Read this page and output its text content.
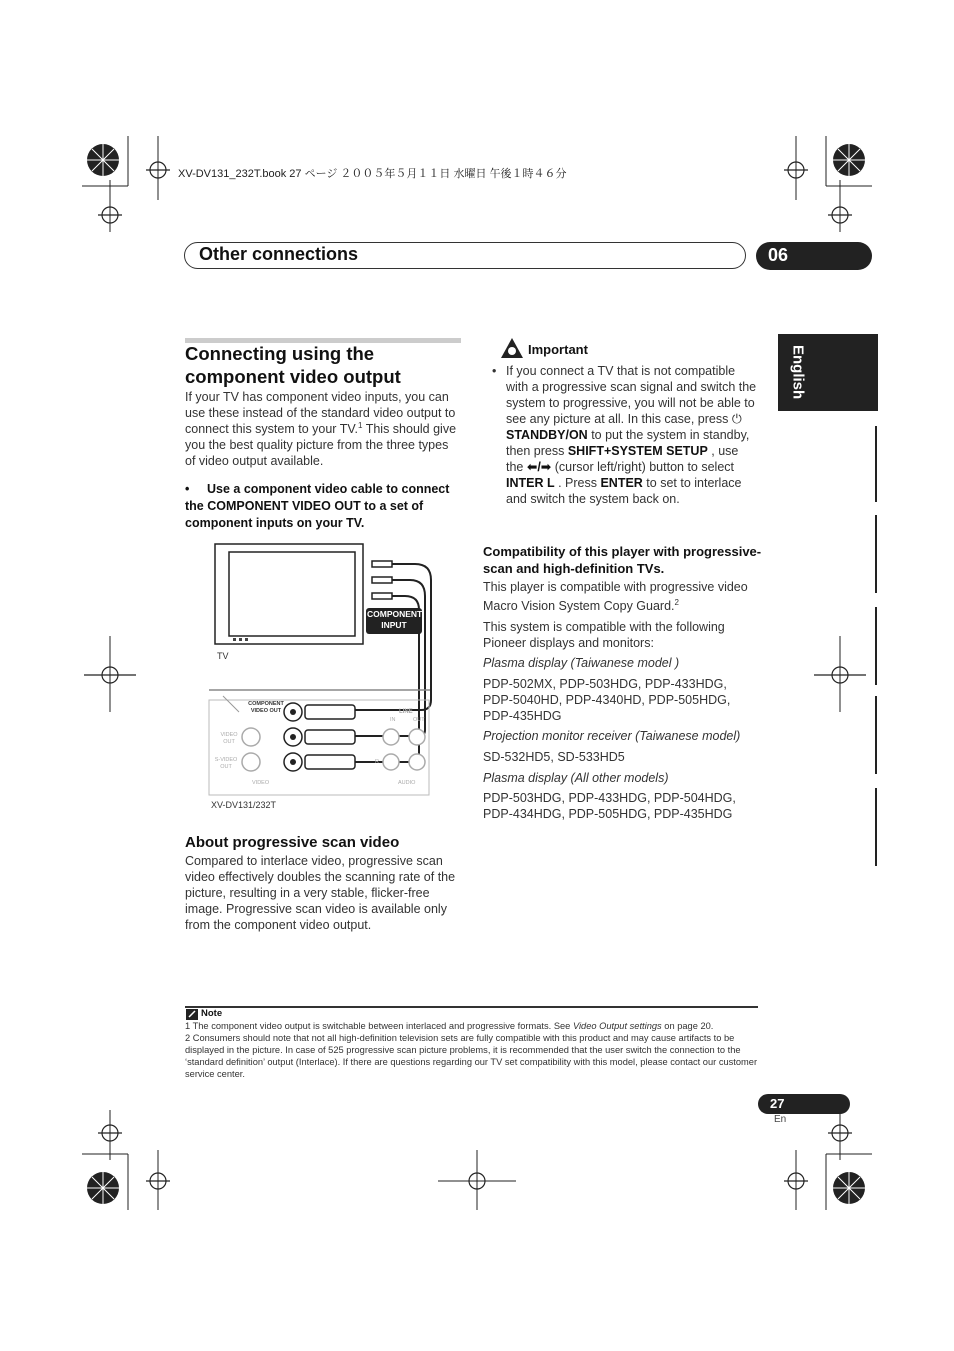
XV-DV131_232T.book 27 ページ ２００５年５月１１日 水曜日 午後１時４６分
Other connections	06
English
Connecting using the component video output
If your TV has component video inputs, you can use these instead of the standard video output to connect this system to your TV.$^1$ This should give you the best quality picture from the three types of video output available.
• Use a component video cable to connect the COMPONENT VIDEO OUT to a set of component inputs on your TV.
COMPONENT
INPUT
TV
COMPONENT
VIDEO OUT
VIDEO
OUT
S-VIDEO
OUT
VIDEO
LINE
IN	OUT
R
AUDIO
XV-DV131/232T
About progressive scan video
Compared to interlace video, progressive scan video effectively doubles the scanning rate of the picture, resulting in a very stable, flicker-free image. Progressive scan video is available only from the component video output.
Important
• If you connect a TV that is not compatible with a progressive scan signal and switch the system to progressive, you will not be able to see any picture at all. In this case, press ⏻ STANDBY/ON to put the system in standby, then press SHIFT+SYSTEM SETUP , use the ⬅/➡ (cursor left/right) button to select INTER L . Press ENTER to set to interlace and switch the system back on.
Compatibility of this player with progressive-scan and high-definition TVs.
This player is compatible with progressive video Macro Vision System Copy Guard.$^2$
This system is compatible with the following Pioneer displays and monitors:
Plasma display (Taiwanese model )
PDP-502MX, PDP-503HDG, PDP-433HDG, PDP-5040HD, PDP-4340HD, PDP-505HDG, PDP-435HDG
Projection monitor receiver (Taiwanese model)
SD-532HD5, SD-533HD5
Plasma display (All other models)
PDP-503HDG, PDP-433HDG, PDP-504HDG, PDP-434HDG, PDP-505HDG, PDP-435HDG
Note
1 The component video output is switchable between interlaced and progressive formats. See Video Output settings on page 20.
2 Consumers should note that not all high-definition television sets are fully compatible with this product and may cause artifacts to be displayed in the picture. In case of 525 progressive scan picture problems, it is recommended that the user switch the connection to the ‘standard definition’ output (Interlace). If there are questions regarding our TV set compatibility with this model, please contact our customer service center.
27
En
